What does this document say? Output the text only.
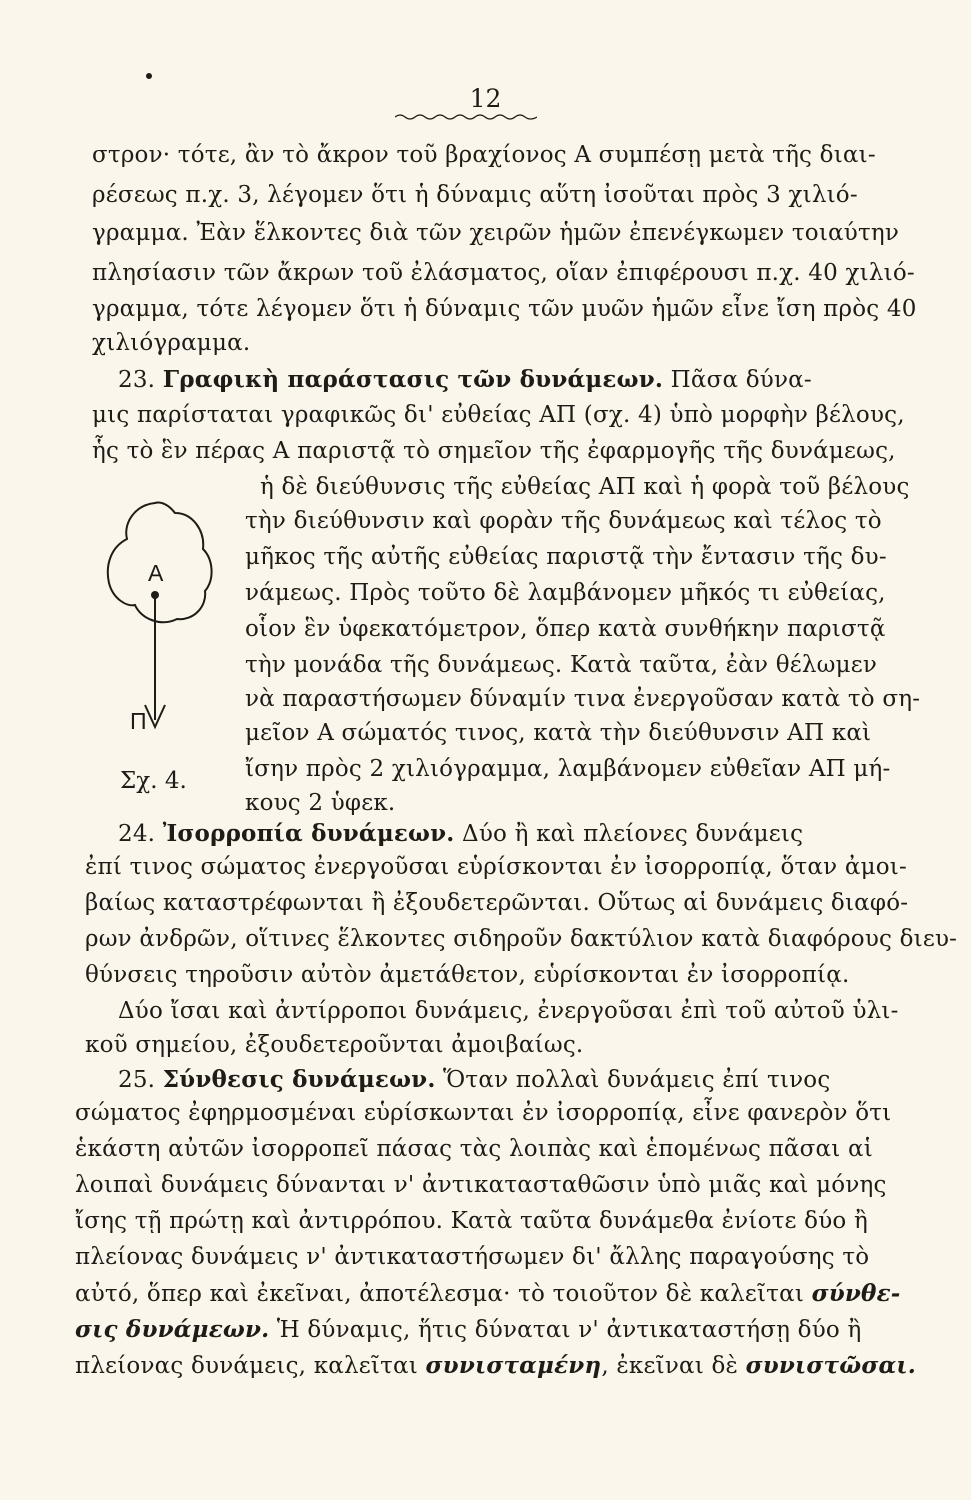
12
στρον· τότε, ἂν τὸ ἄκρον τοῦ βραχίονος Α συμπέσῃ μετὰ τῆς διαι-
ρέσεως π.χ. 3, λέγομεν ὅτι ἡ δύναμις αὕτη ἰσοῦται πρὸς 3 χιλιό-
γραμμα. Ἐὰν ἕλκοντες διὰ τῶν χειρῶν ἡμῶν ἐπενέγκωμεν τοιαύτην
πλησίασιν τῶν ἄκρων τοῦ ἐλάσματος, οἵαν ἐπιφέρουσι π.χ. 40 χιλιό-
γραμμα, τότε λέγομεν ὅτι ἡ δύναμις τῶν μυῶν ἡμῶν εἶνε ἴση πρὸς 40
χιλιόγραμμα.
23. Γραφικὴ παράστασις τῶν δυνάμεων. Πᾶσα δύνα-
μις παρίσταται γραφικῶς δι' εὐθείας ΑΠ (σχ. 4) ὑπὸ μορφὴν βέλους,
ἧς τὸ ἓν πέρας Α παριστᾷ τὸ σημεῖον τῆς ἐφαρμογῆς τῆς δυνάμεως,
ἡ δὲ διεύθυνσις τῆς εὐθείας ΑΠ καὶ ἡ φορὰ τοῦ βέλους
τὴν διεύθυνσιν καὶ φορὰν τῆς δυνάμεως καὶ τέλος τὸ
μῆκος τῆς αὐτῆς εὐθείας παριστᾷ τὴν ἔντασιν τῆς δυ-
νάμεως. Πρὸς τοῦτο δὲ λαμβάνομεν μῆκός τι εὐθείας,
οἷον ἓν ὑφεκατόμετρον, ὅπερ κατὰ συνθήκην παριστᾷ
τὴν μονάδα τῆς δυνάμεως. Κατὰ ταῦτα, ἐὰν θέλωμεν
νὰ παραστήσωμεν δύναμίν τινα ἐνεργοῦσαν κατὰ τὸ ση-
μεῖον Α σώματός τινος, κατὰ τὴν διεύθυνσιν ΑΠ καὶ
ἴσην πρὸς 2 χιλιόγραμμα, λαμβάνομεν εὐθεῖαν ΑΠ μή-
κους 2 ὑφεκ.
24. Ἰσορροπία δυνάμεων. Δύο ἢ καὶ πλείονες δυνάμεις
ἐπί τινος σώματος ἐνεργοῦσαι εὑρίσκονται ἐν ἰσορροπίᾳ, ὅταν ἀμοι-
βαίως καταστρέφωνται ἢ ἐξουδετερῶνται. Οὕτως αἱ δυνάμεις διαφό-
ρων ἀνδρῶν, οἵτινες ἕλκοντες σιδηροῦν δακτύλιον κατὰ διαφόρους διευ-
θύνσεις τηροῦσιν αὐτὸν ἀμετάθετον, εὑρίσκονται ἐν ἰσορροπίᾳ.
Δύο ἴσαι καὶ ἀντίρροποι δυνάμεις, ἐνεργοῦσαι ἐπὶ τοῦ αὐτοῦ ὑλι-
κοῦ σημείου, ἐξουδετεροῦνται ἀμοιβαίως.
25. Σύνθεσις δυνάμεων. Ὅταν πολλαὶ δυνάμεις ἐπί τινος
σώματος ἐφηρμοσμέναι εὑρίσκωνται ἐν ἰσορροπίᾳ, εἶνε φανερὸν ὅτι
ἑκάστη αὐτῶν ἰσορροπεῖ πάσας τὰς λοιπὰς καὶ ἑπομένως πᾶσαι αἱ
λοιπαὶ δυνάμεις δύνανται ν' ἀντικατασταθῶσιν ὑπὸ μιᾶς καὶ μόνης
ἴσης τῇ πρώτῃ καὶ ἀντιρρόπου. Κατὰ ταῦτα δυνάμεθα ἐνίοτε δύο ἢ
πλείονας δυνάμεις ν' ἀντικαταστήσωμεν δι' ἄλλης παραγούσης τὸ
αὐτό, ὅπερ καὶ ἐκεῖναι, ἀποτέλεσμα· τὸ τοιοῦτον δὲ καλεῖται σύνθε-
σις δυνάμεων. Ἡ δύναμις, ἥτις δύναται ν' ἀντικαταστήσῃ δύο ἢ
πλείονας δυνάμεις, καλεῖται συνισταμένη, ἐκεῖναι δὲ συνιστῶσαι.
Α
Π
Σχ. 4.
